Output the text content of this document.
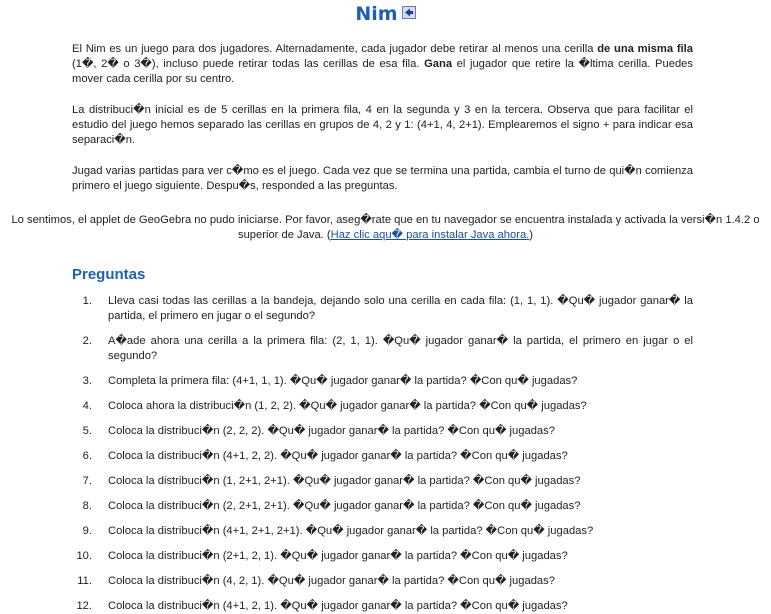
Nim

El Nim es un juego para dos jugadores. Alternadamente, cada jugador debe retirar al menos una cerilla de una misma fila (1�, 2� o 3�), incluso puede retirar todas las cerillas de esa fila. Gana el jugador que retire la �ltima cerilla. Puedes mover cada cerilla por su centro.

La distribuci�n inicial es de 5 cerillas en la primera fila, 4 en la segunda y 3 en la tercera. Observa que para facilitar el estudio del juego hemos separado las cerillas en grupos de 4, 2 y 1: (4+1, 4, 2+1). Emplearemos el signo + para indicar esa separaci�n.

Jugad varias partidas para ver c�mo es el juego. Cada vez que se termina una partida, cambia el turno de qui�n comienza primero el juego siguiente. Despu�s, responded a las preguntas.

Lo sentimos, el applet de GeoGebra no pudo iniciarse. Por favor, aseg�rate que en tu navegador se encuentra instalada y activada la versi�n 1.4.2 o superior de Java. (Haz clic aqu� para instalar Java ahora.)
Preguntas
1. Lleva casi todas las cerillas a la bandeja, dejando solo una cerilla en cada fila: (1, 1, 1). �Qu� jugador ganar� la partida, el primero en jugar o el segundo?
2. A�ade ahora una cerilla a la primera fila: (2, 1, 1). �Qu� jugador ganar� la partida, el primero en jugar o el segundo?
3. Completa la primera fila: (4+1, 1, 1). �Qu� jugador ganar� la partida? �Con qu� jugadas?
4. Coloca ahora la distribuci�n (1, 2, 2). �Qu� jugador ganar� la partida? �Con qu� jugadas?
5. Coloca la distribuci�n (2, 2, 2). �Qu� jugador ganar� la partida? �Con qu� jugadas?
6. Coloca la distribuci�n (4+1, 2, 2). �Qu� jugador ganar� la partida? �Con qu� jugadas?
7. Coloca la distribuci�n (1, 2+1, 2+1). �Qu� jugador ganar� la partida? �Con qu� jugadas?
8. Coloca la distribuci�n (2, 2+1, 2+1). �Qu� jugador ganar� la partida? �Con qu� jugadas?
9. Coloca la distribuci�n (4+1, 2+1, 2+1). �Qu� jugador ganar� la partida? �Con qu� jugadas?
10. Coloca la distribuci�n (2+1, 2, 1). �Qu� jugador ganar� la partida? �Con qu� jugadas?
11. Coloca la distribuci�n (4, 2, 1). �Qu� jugador ganar� la partida? �Con qu� jugadas?
12. Coloca la distribuci�n (4+1, 2, 1). �Qu� jugador ganar� la partida? �Con qu� jugadas?
